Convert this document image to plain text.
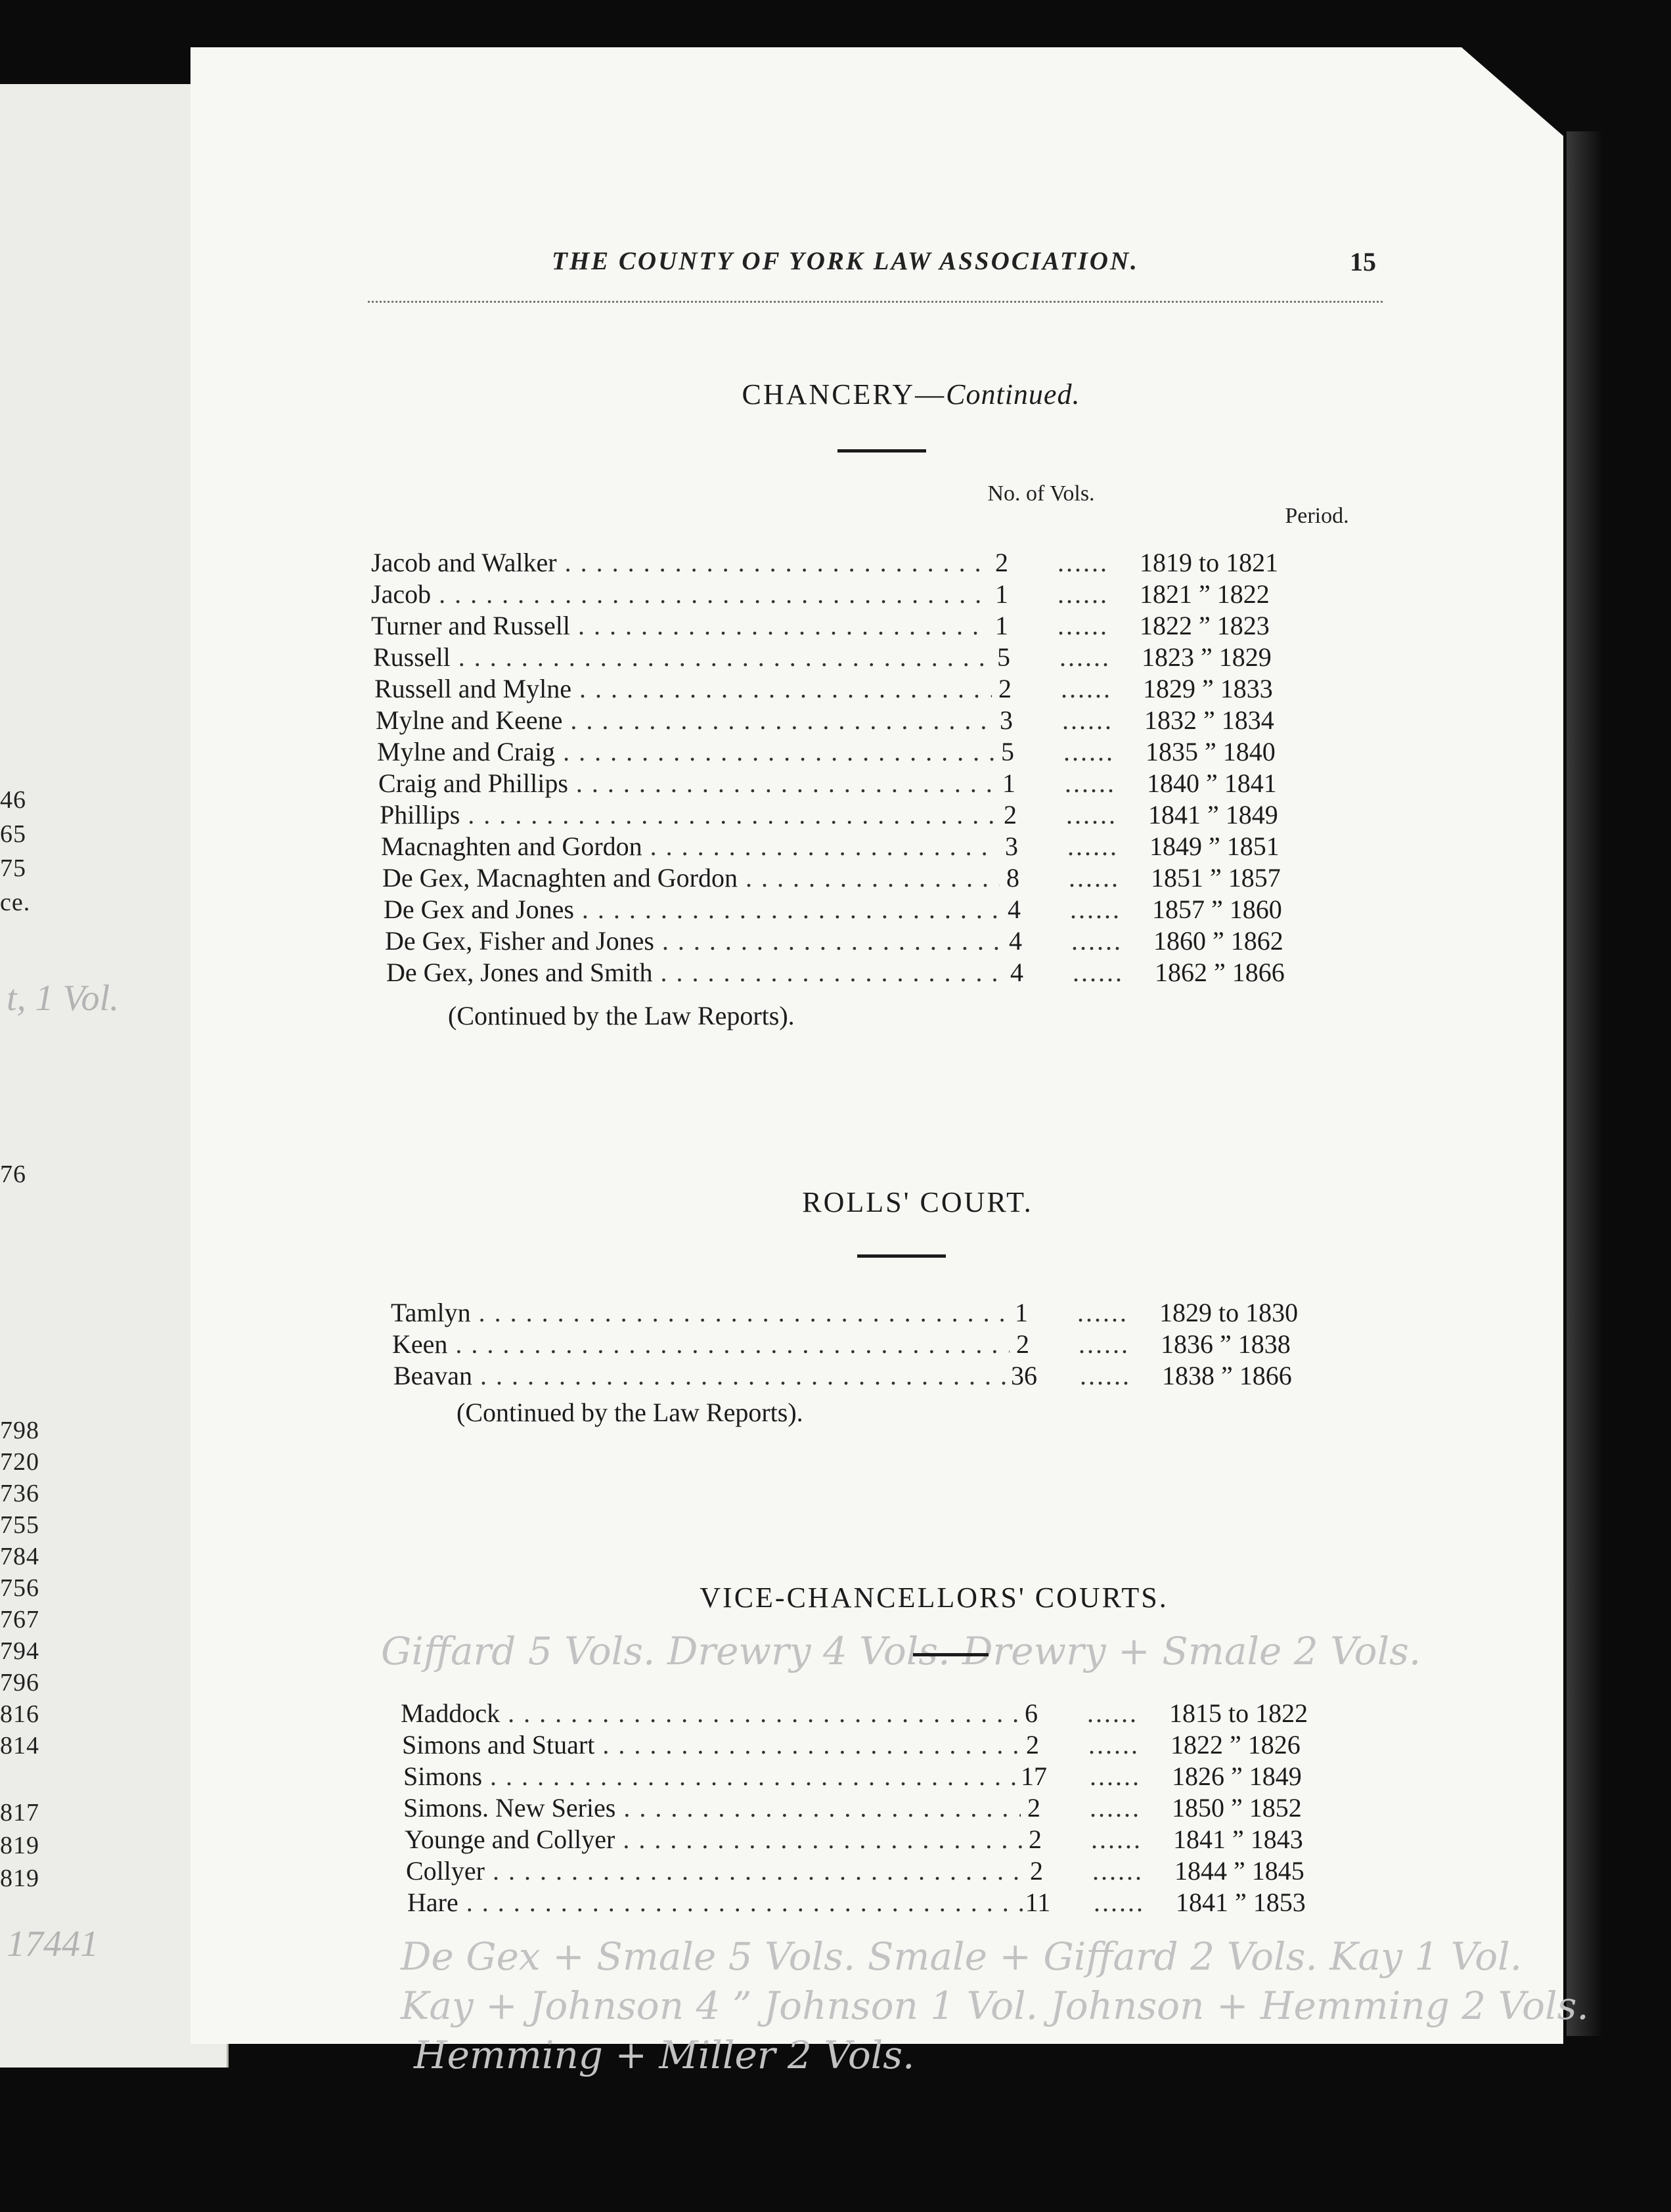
46
65
75
ce.
t, 1 Vol.
76
798
720
736
755
784
756
767
794
796
816
814
817
819
819
17441
THE COUNTY OF YORK LAW ASSOCIATION.	15
CHANCERY—Continued.
No. of Vols.
Period.
Jacob and Walker . . .	2	...... 1819 to 1821
Jacob . . .	1	...... 1821 ” 1822
Turner and Russell . . .	1	...... 1822 ” 1823
Russell . . .	5	...... 1823 ” 1829
Russell and Mylne . . .	2	...... 1829 ” 1833
Mylne and Keene . . .	3	...... 1832 ” 1834
Mylne and Craig . . .	5	...... 1835 ” 1840
Craig and Phillips . . .	1	...... 1840 ” 1841
Phillips . . .	2	...... 1841 ” 1849
Macnaghten and Gordon . . .	3	...... 1849 ” 1851
De Gex, Macnaghten and Gordon . . .	8	...... 1851 ” 1857
De Gex and Jones . . .	4	...... 1857 ” 1860
De Gex, Fisher and Jones . . .	4	...... 1860 ” 1862
De Gex, Jones and Smith . . .	4	...... 1862 ” 1866
(Continued by the Law Reports).
ROLLS' COURT.
Tamlyn . . .	1	...... 1829 to 1830
Keen . . .	2	...... 1836 ” 1838
Beavan . . .	36	...... 1838 ” 1866
(Continued by the Law Reports).
VICE-CHANCELLORS' COURTS.
Giffard 5 Vols. Drewry 4 Vols. Drewry + Smale 2 Vols.
Maddock . . .	6	...... 1815 to 1822
Simons and Stuart . . .	2	...... 1822 ” 1826
Simons . . .	17	...... 1826 ” 1849
Simons. New Series . . .	2	...... 1850 ” 1852
Younge and Collyer . . .	2	...... 1841 ” 1843
Collyer . . .	2	...... 1844 ” 1845
Hare . . .	11	...... 1841 ” 1853
De Gex + Smale 5 Vols. Smale + Giffard 2 Vols. Kay 1 Vol.
Kay + Johnson 4 ” Johnson 1 Vol. Johnson + Hemming 2 Vols.
Hemming + Miller 2 Vols.
